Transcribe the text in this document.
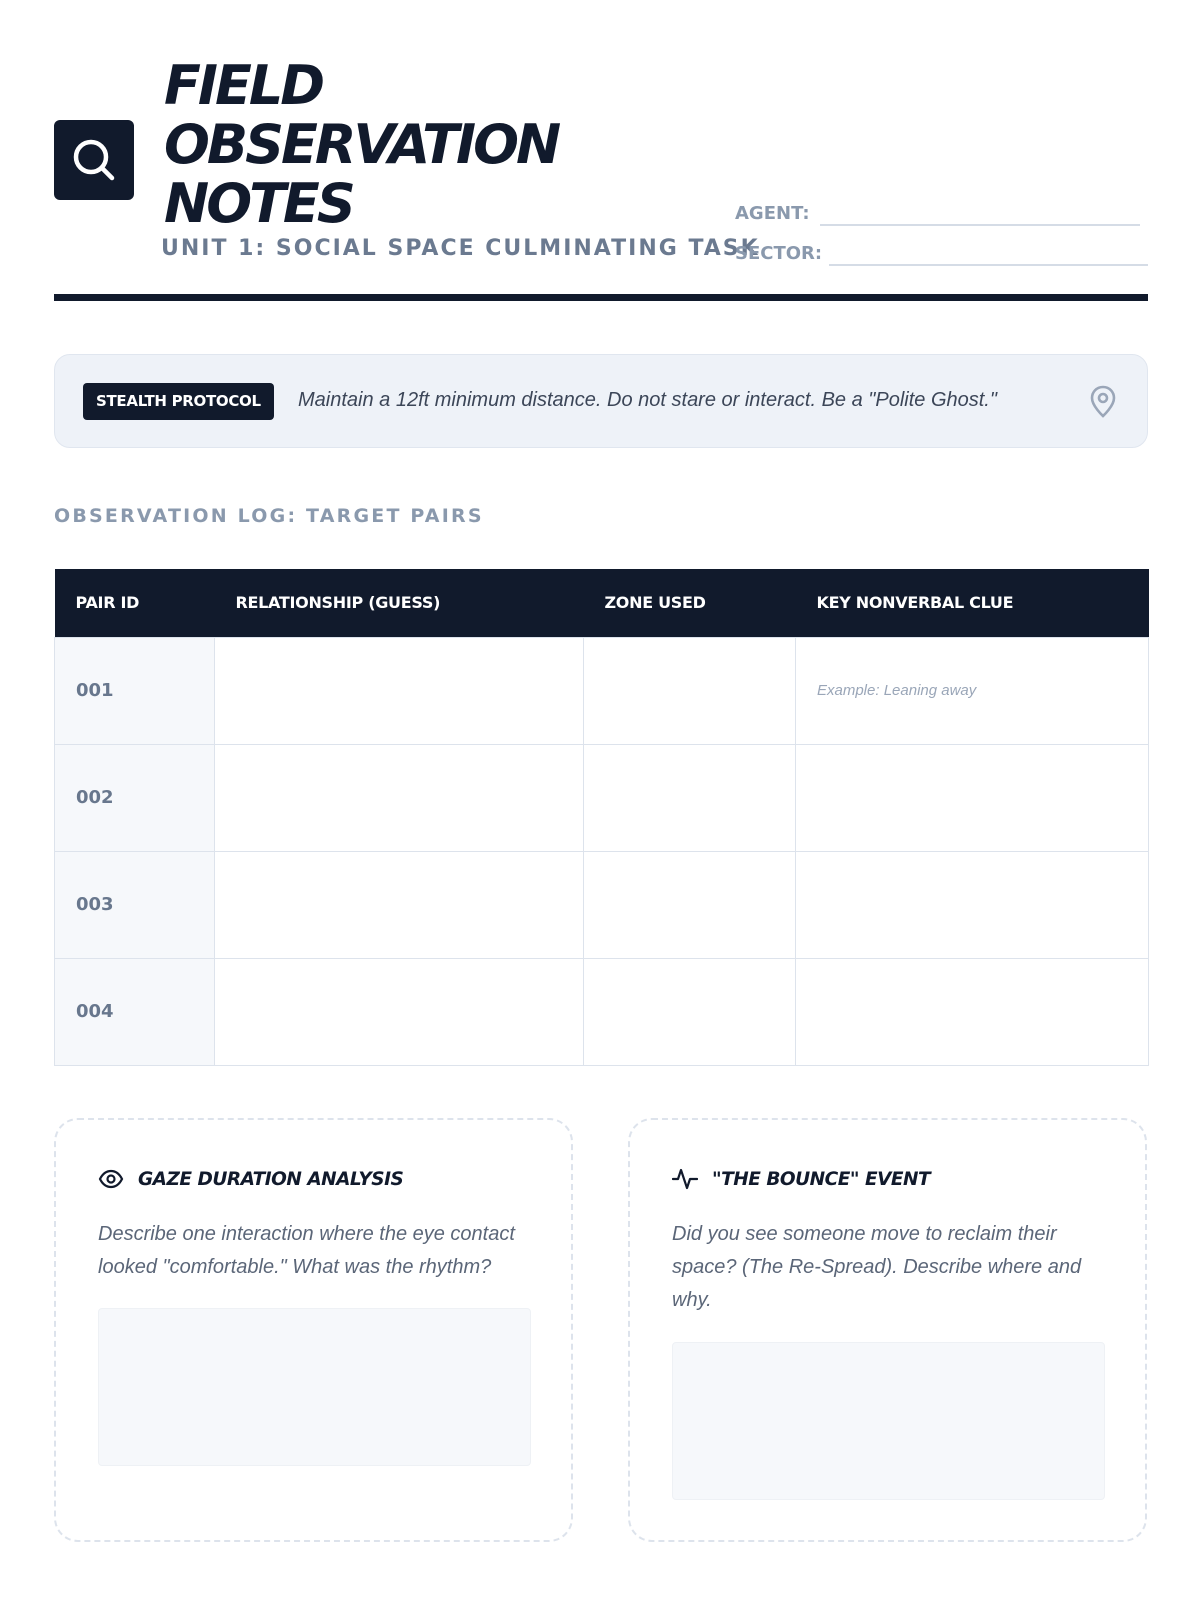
FIELD
OBSERVATION
NOTES
UNIT 1: SOCIAL SPACE CULMINATING TASK
AGENT:
SECTOR:
STEALTH PROTOCOL	Maintain a 12ft minimum distance. Do not stare or interact. Be a "Polite Ghost."
OBSERVATION LOG: TARGET PAIRS
PAIR ID	RELATIONSHIP (GUESS)	ZONE USED	KEY NONVERBAL CLUE
001			Example: Leaning away
002			
003			
004			
GAZE DURATION ANALYSIS
Describe one interaction where the eye contact looked "comfortable." What was the rhythm?
"THE BOUNCE" EVENT
Did you see someone move to reclaim their space? (The Re-Spread). Describe where and why.
